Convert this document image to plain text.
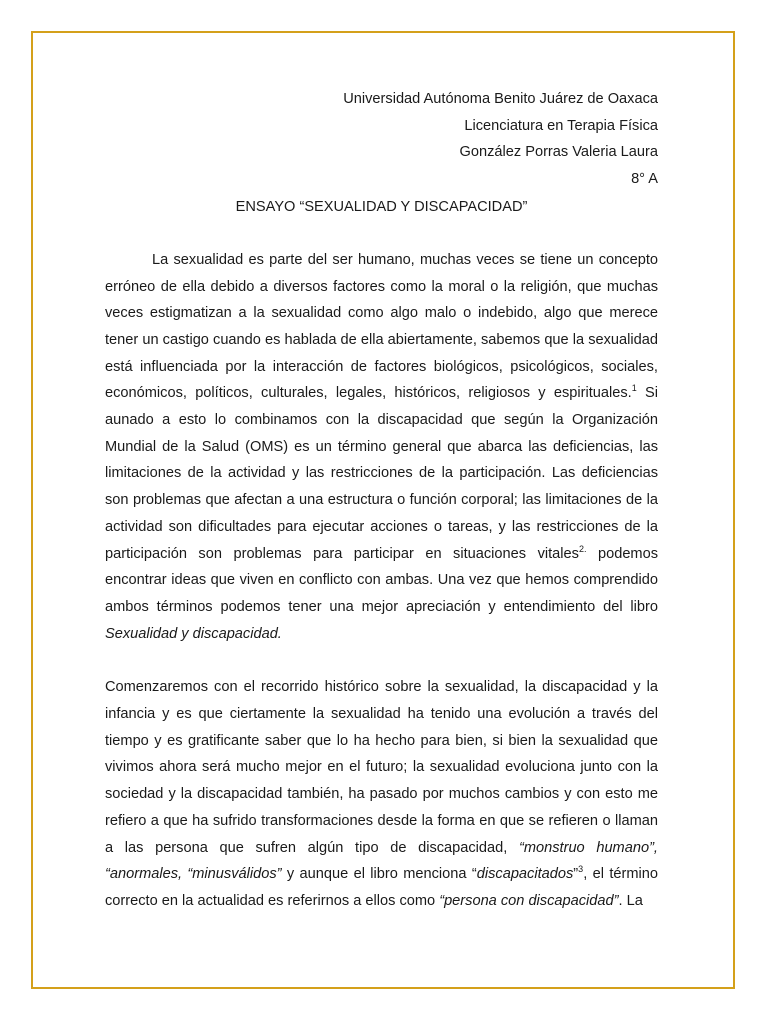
Universidad Autónoma Benito Juárez de Oaxaca
Licenciatura en Terapia Física
González Porras Valeria Laura
8° A
ENSAYO “SEXUALIDAD Y DISCAPACIDAD”

La sexualidad es parte del ser humano, muchas veces se tiene un concepto erróneo de ella debido a diversos factores como la moral o la religión, que muchas veces estigmatizan a la sexualidad como algo malo o indebido, algo que merece tener un castigo cuando es hablada de ella abiertamente, sabemos que la sexualidad está influenciada por la interacción de factores biológicos, psicológicos, sociales, económicos, políticos, culturales, legales, históricos, religiosos y espirituales.$^1$ Si aunado a esto lo combinamos con la discapacidad que según la Organización Mundial de la Salud (OMS) es un término general que abarca las deficiencias, las limitaciones de la actividad y las restricciones de la participación. Las deficiencias son problemas que afectan a una estructura o función corporal; las limitaciones de la actividad son dificultades para ejecutar acciones o tareas, y las restricciones de la participación son problemas para participar en situaciones vitales$^{2.}$ podemos encontrar ideas que viven en conflicto con ambas. Una vez que hemos comprendido ambos términos podemos tener una mejor apreciación y entendimiento del libro Sexualidad y discapacidad.

Comenzaremos con el recorrido histórico sobre la sexualidad, la discapacidad y la infancia y es que ciertamente la sexualidad ha tenido una evolución a través del tiempo y es gratificante saber que lo ha hecho para bien, si bien la sexualidad que vivimos ahora será mucho mejor en el futuro; la sexualidad evoluciona junto con la sociedad y la discapacidad también, ha pasado por muchos cambios y con esto me refiero a que ha sufrido transformaciones desde la forma en que se refieren o llaman a las persona que sufren algún tipo de discapacidad, “monstruo humano”, “anormales, “minusválidos” y aunque el libro menciona “discapacitados”$^3$, el término correcto en la actualidad es referirnos a ellos como “persona con discapacidad”. La
